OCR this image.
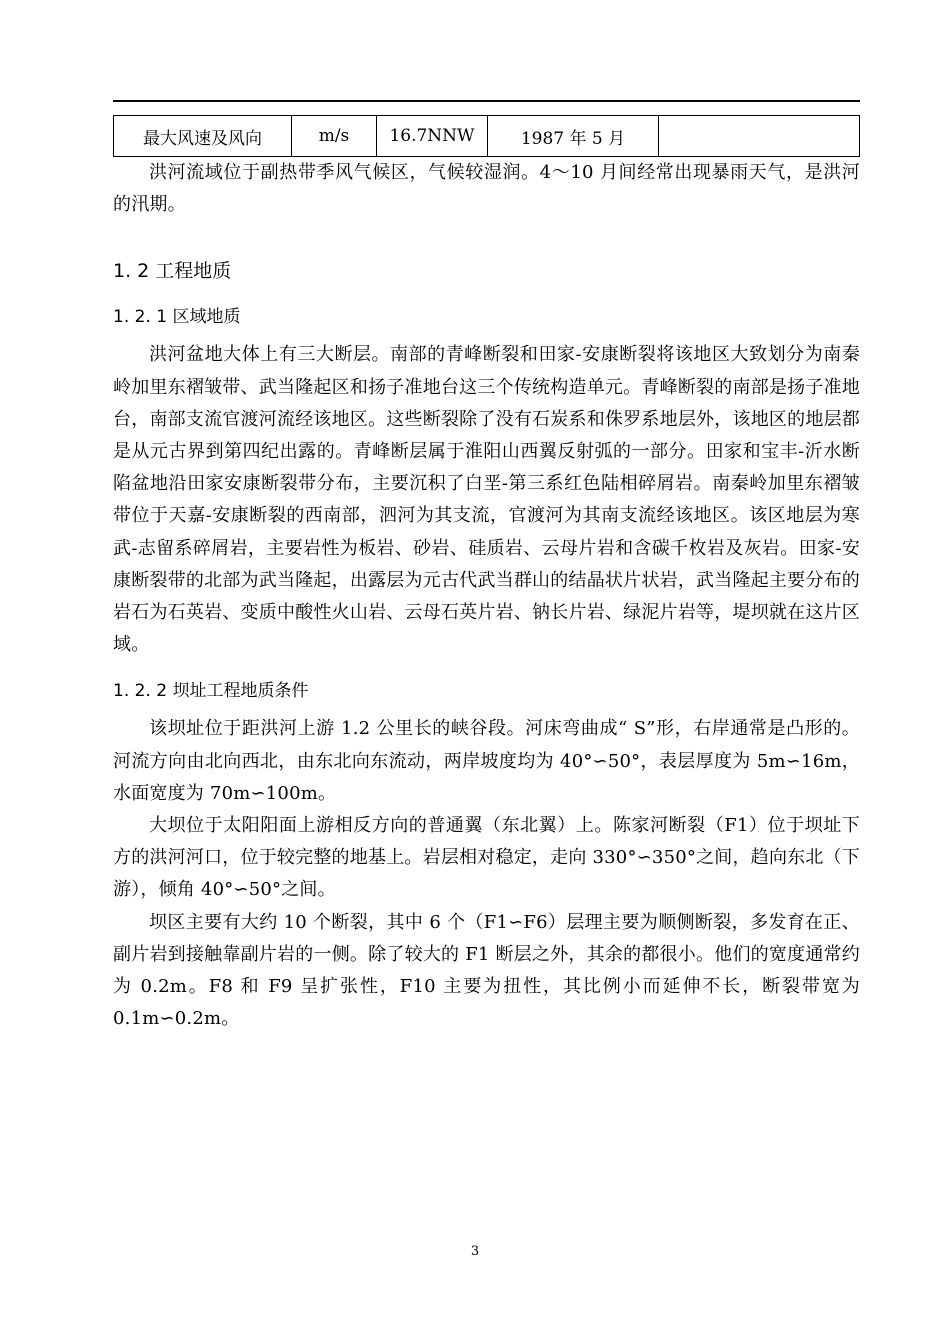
最大风速及风向	m/s	16.7NNW	1987 年 5 月	

洪河流域位于副热带季风气候区，气候较湿润。4～10 月间经常出现暴雨天气，是洪河的汛期。

1. 2 工程地质
1. 2. 1 区域地质

洪河盆地大体上有三大断层。南部的青峰断裂和田家-安康断裂将该地区大致划分为南秦岭加里东褶皱带、武当隆起区和扬子准地台这三个传统构造单元。青峰断裂的南部是扬子准地台，南部支流官渡河流经该地区。这些断裂除了没有石炭系和侏罗系地层外，该地区的地层都是从元古界到第四纪出露的。青峰断层属于淮阳山西翼反射弧的一部分。田家和宝丰-沂水断陷盆地沿田家安康断裂带分布，主要沉积了白垩-第三系红色陆相碎屑岩。南秦岭加里东褶皱带位于天嘉-安康断裂的西南部，泗河为其支流，官渡河为其南支流经该地区。该区地层为寒武-志留系碎屑岩，主要岩性为板岩、砂岩、硅质岩、云母片岩和含碳千枚岩及灰岩。田家-安康断裂带的北部为武当隆起，出露层为元古代武当群山的结晶状片状岩，武当隆起主要分布的岩石为石英岩、变质中酸性火山岩、云母石英片岩、钠长片岩、绿泥片岩等，堤坝就在这片区域。

1. 2. 2 坝址工程地质条件

该坝址位于距洪河上游 1.2 公里长的峡谷段。河床弯曲成“ S”形，右岸通常是凸形的。河流方向由北向西北，由东北向东流动，两岸坡度均为 40°∽50°，表层厚度为 5m∽16m，水面宽度为 70m∽100m。

大坝位于太阳阳面上游相反方向的普通翼（东北翼）上。陈家河断裂（F1）位于坝址下方的洪河河口，位于较完整的地基上。岩层相对稳定，走向 330°∽350°之间，趋向东北（下游），倾角 40°∽50°之间。

坝区主要有大约 10 个断裂，其中 6 个（F1∽F6）层理主要为顺侧断裂，多发育在正、副片岩到接触靠副片岩的一侧。除了较大的 F1 断层之外，其余的都很小。他们的宽度通常约为 0.2m。F8 和 F9 呈扩张性，F10 主要为扭性，其比例小而延伸不长，断裂带宽为 0.1m∽0.2m。

3
